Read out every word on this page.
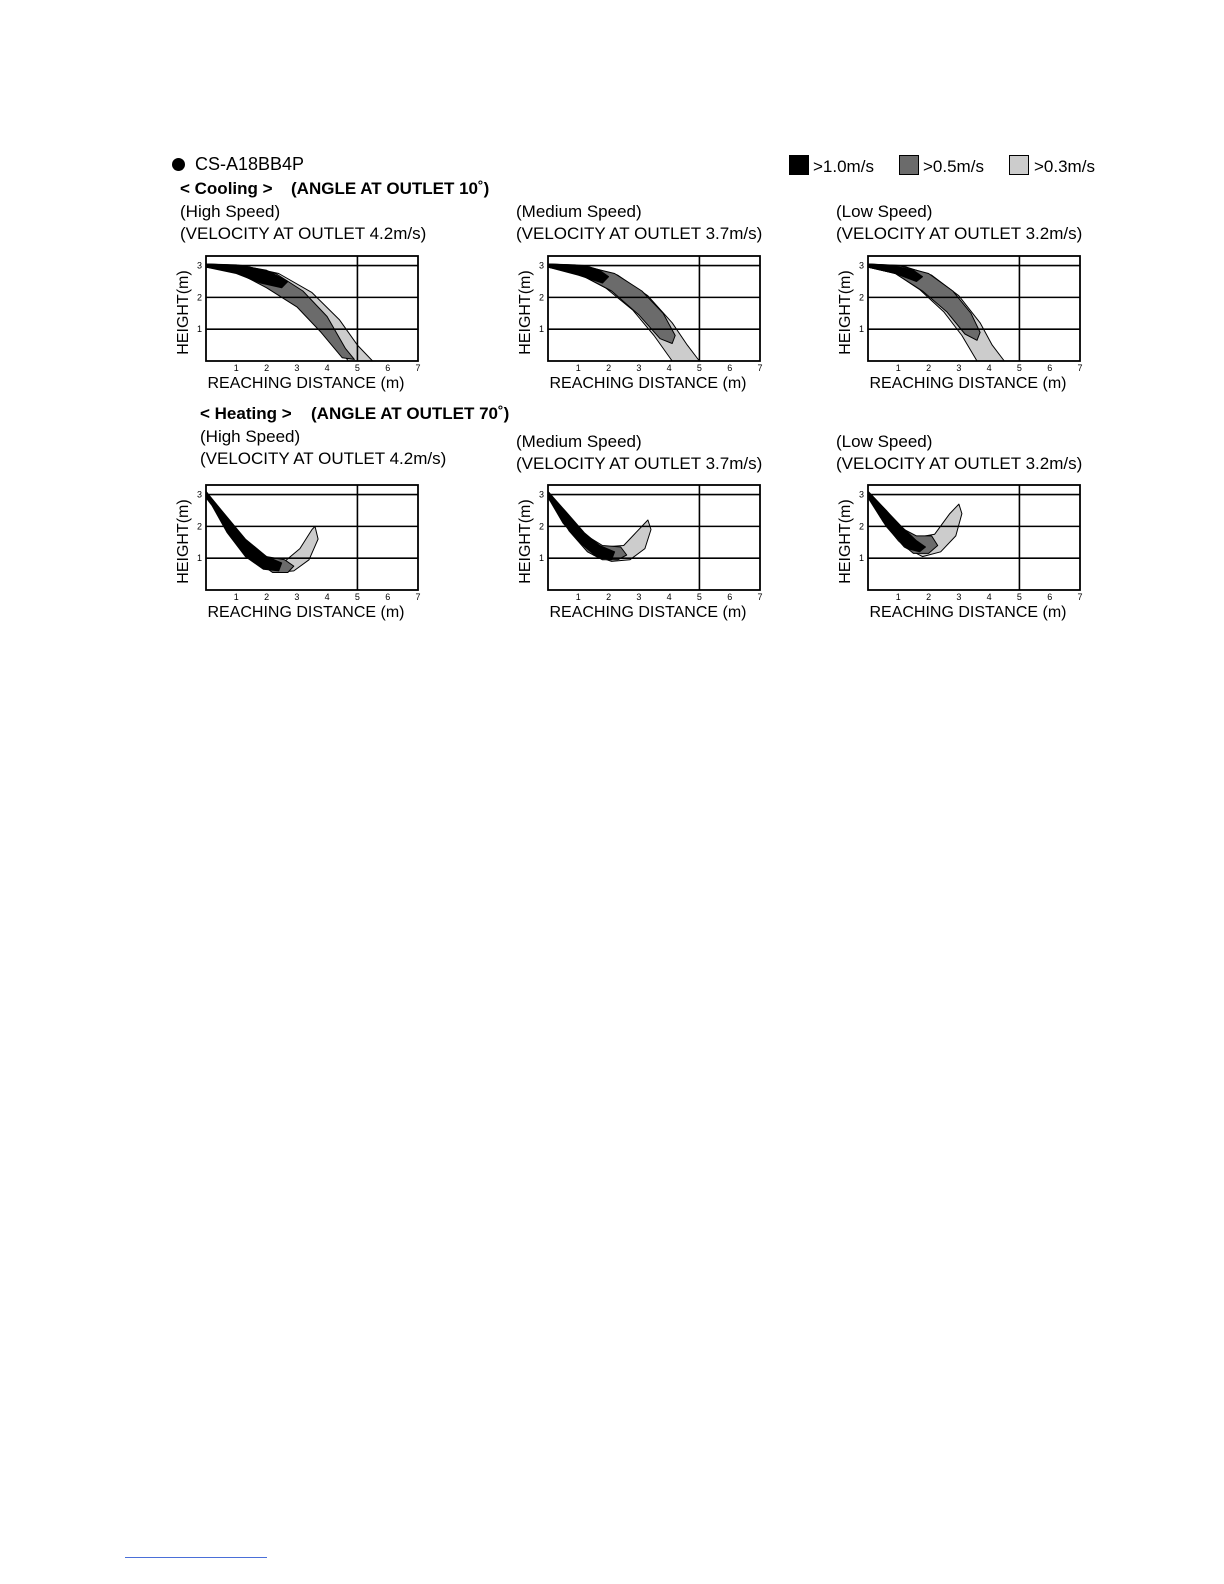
CS-A18BB4P	>1.0m/s	>0.5m/s	>0.3m/s
< Cooling > (ANGLE AT OUTLET 10˚)
(High Speed)
(VELOCITY AT OUTLET 4.2m/s)
(Medium Speed)
(VELOCITY AT OUTLET 3.7m/s)
(Low Speed)
(VELOCITY AT OUTLET 3.2m/s)
< Heating > (ANGLE AT OUTLET 70˚)
(High Speed)
(VELOCITY AT OUTLET 4.2m/s)
(Medium Speed)
(VELOCITY AT OUTLET 3.7m/s)
(Low Speed)
(VELOCITY AT OUTLET 3.2m/s)
1
2
3
1	2	3	4	5	6	7
REACHING DISTANCE (m)
HEIGHT(m)	1
2
3
1	2	3	4	5	6	7
REACHING DISTANCE (m)
HEIGHT(m)	1
2
3
1	2	3	4	5	6	7
REACHING DISTANCE (m)
HEIGHT(m)
1
2
3
1	2	3	4	5	6	7
REACHING DISTANCE (m)
HEIGHT(m)	1
2
3
1	2	3	4	5	6	7
REACHING DISTANCE (m)
HEIGHT(m)	1
2
3
1	2	3	4	5	6	7
REACHING DISTANCE (m)
HEIGHT(m)
